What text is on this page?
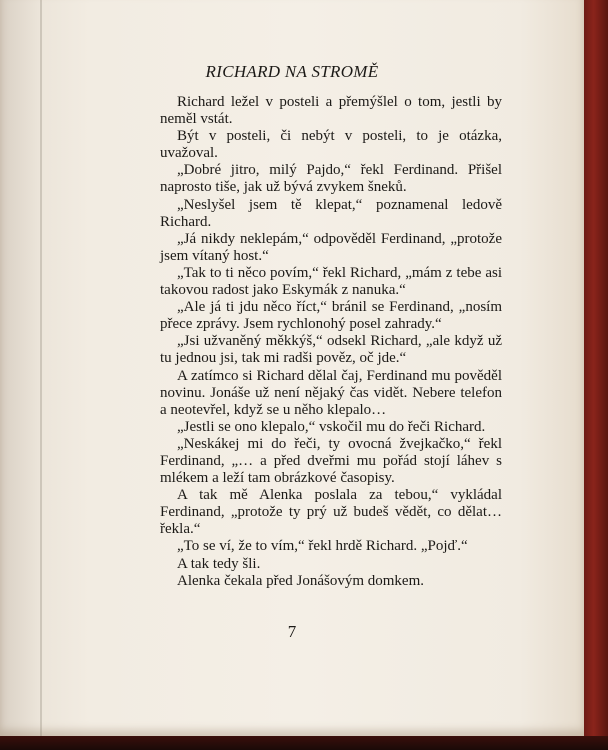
RICHARD NA STROMĚ

Richard ležel v posteli a přemýšlel o tom, jestli by neměl vstát.

Být v posteli, či nebýt v posteli, to je otázka, uvažoval.

„Dobré jitro, milý Pajdo,“ řekl Ferdinand. Přišel naprosto tiše, jak už bývá zvykem šneků.

„Neslyšel jsem tě klepat,“ poznamenal ledově Richard.

„Já nikdy neklepám,“ odpověděl Ferdinand, „protože jsem vítaný host.“

„Tak to ti něco povím,“ řekl Richard, „mám z tebe asi takovou radost jako Eskymák z nanuka.“

„Ale já ti jdu něco říct,“ bránil se Ferdinand, „nosím přece zprávy. Jsem rychlonohý posel zahrady.“

„Jsi užvaněný měkkýš,“ odsekl Richard, „ale když už tu jednou jsi, tak mi radši pověz, oč jde.“

A zatímco si Richard dělal čaj, Ferdinand mu pověděl novinu. Jonáše už není nějaký čas vidět. Nebere telefon a neotevřel, když se u něho klepalo…

„Jestli se ono klepalo,“ vskočil mu do řeči Richard.

„Neskákej mi do řeči, ty ovocná žvejkačko,“ řekl Ferdinand, „… a před dveřmi mu pořád stojí láhev s mlékem a leží tam obrázkové časopisy.

A tak mě Alenka poslala za tebou,“ vykládal Ferdinand, „protože ty prý už budeš vědět, co dělat… řekla.“

„To se ví, že to vím,“ řekl hrdě Richard. „Pojď.“

A tak tedy šli.

Alenka čekala před Jonášovým domkem.

7
